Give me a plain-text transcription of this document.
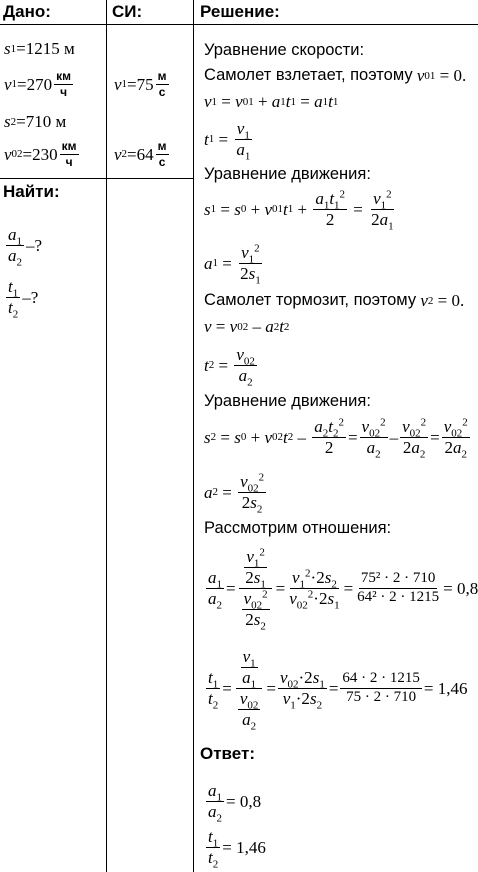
Дано:	СИ:	Решение:
Найти:
s 1 =1215 м
v $1 =270 \frac{км}{ч}$
s 2 =710 м
v $02 =230 \frac{км}{ч}$
v $1 =75 \frac{м}{с}$
v $2 =64 \frac{м}{с}$
$\frac{a_1}{a_2}$ –?
$\frac{t_1}{t_2}$ –?
Уравнение скорости:
Самолет взлетает, поэтому
v 01
= 0.
v 1 = v 01 + a 1 t 1 = a 1 t 1
t $1 = \frac{v_1}{a_1}$
Уравнение движения:
s 1 = s 0 + v 01 t $1 + \frac{a_1t_1^2}{2} = \frac{v_1^2}{2a_1}$
a $1 = \frac{v_1^2}{2s_1}$
Самолет тормозит, поэтому
v 2
= 0.
v = v 02 – a 2 t 2
t $2 = \frac{v_{02}}{a_2}$
Уравнение движения:
s 2 = s 0 + v 02 t $2 - \frac{a_2t_2^2}{2} = \frac{v_{02}^2}{a_2} - \frac{v_{02}^2}{2a_2} = \frac{v_{02}^2}{2a_2}$
a $2 = \frac{v_{02}^2}{2s_2}$
Рассмотрим отношения:
$\frac{a_1}{a_2} = \frac{\frac{v_1^2}{2s_1}}{\frac{v_{02}^2}{2s_2}} = \frac{v_1^2\cdot 2s_2}{v_{02}^2\cdot 2s_1} = \frac{\text{75² · 2 · 710}}{\text{64² · 2 · 1215}} = 0,8$
$\frac{t_1}{t_2} = \frac{\frac{v_1}{a_1}}{\frac{v_{02}}{a_2}} = \frac{v_{02}\cdot 2s_1}{v_1\cdot 2s_2} = \frac{64 \cdot 2 \cdot 1215}{75 \cdot 2 \cdot 710} = 1,46$
Ответ:
$\frac{a_1}{a_2} = 0,8$
$\frac{t_1}{t_2} = 1,46$
